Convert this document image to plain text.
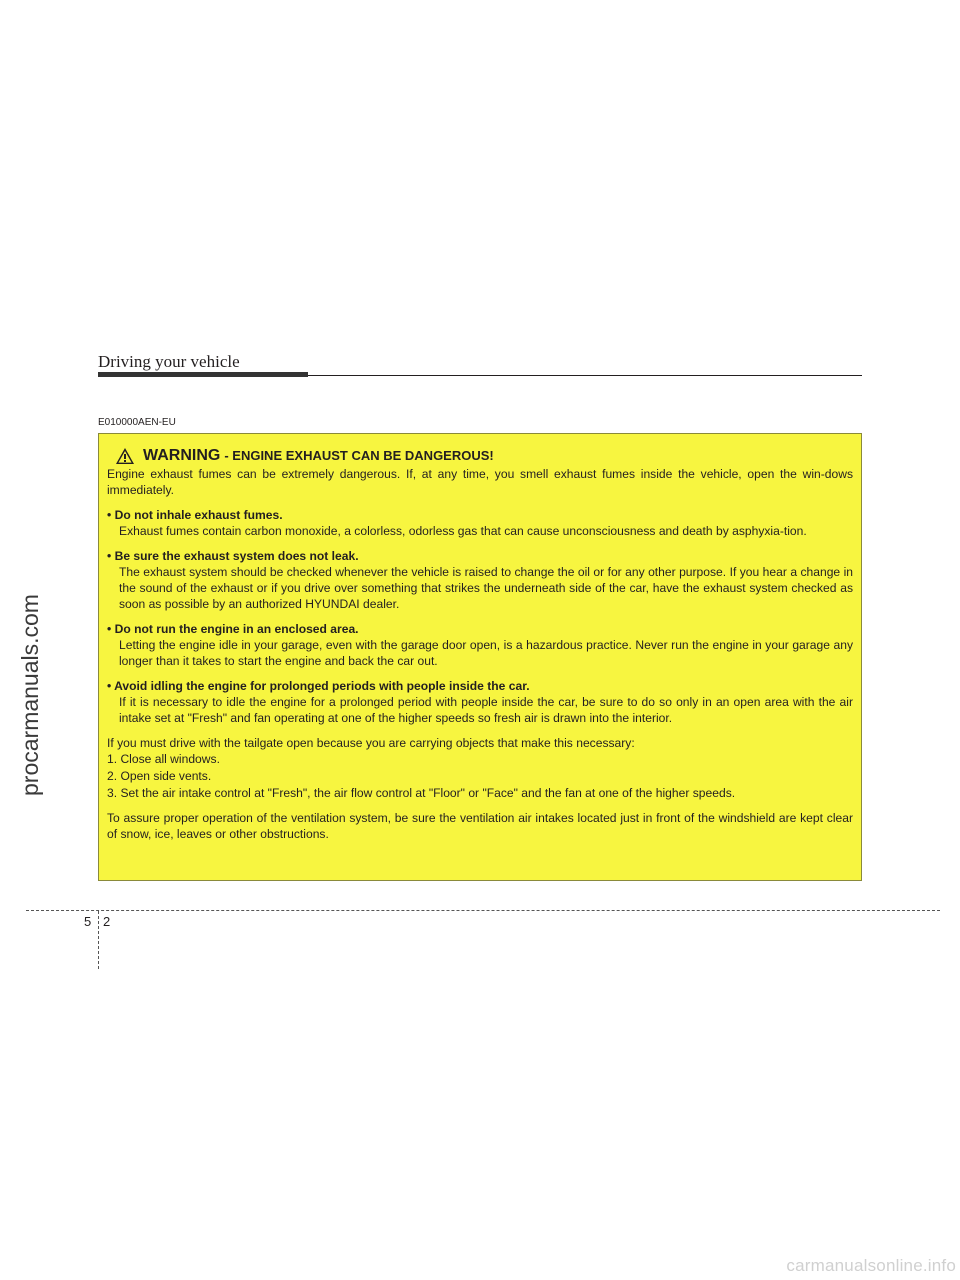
procarmanuals.com
Driving your vehicle
E010000AEN-EU
WARNING - ENGINE EXHAUST CAN BE DANGEROUS!

Engine exhaust fumes can be extremely dangerous. If, at any time, you smell exhaust fumes inside the vehicle, open the win-dows immediately.

• Do not inhale exhaust fumes.

Exhaust fumes contain carbon monoxide, a colorless, odorless gas that can cause unconsciousness and death by asphyxia-tion.

• Be sure the exhaust system does not leak.

The exhaust system should be checked whenever the vehicle is raised to change the oil or for any other purpose. If you hear a change in the sound of the exhaust or if you drive over something that strikes the underneath side of the car, have the exhaust system checked as soon as possible by an authorized HYUNDAI dealer.

• Do not run the engine in an enclosed area.

Letting the engine idle in your garage, even with the garage door open, is a hazardous practice. Never run the engine in your garage any longer than it takes to start the engine and back the car out.

• Avoid idling the engine for prolonged periods with people inside the car.

If it is necessary to idle the engine for a prolonged period with people inside the car, be sure to do so only in an open area with the air intake set at "Fresh" and fan operating at one of the higher speeds so fresh air is drawn into the interior.

If you must drive with the tailgate open because you are carrying objects that make this necessary:

1. Close all windows.

2. Open side vents.

3. Set the air intake control at "Fresh", the air flow control at "Floor" or "Face" and the fan at one of the higher speeds.

To assure proper operation of the ventilation system, be sure the ventilation air intakes located just in front of the windshield are kept clear of snow, ice, leaves or other obstructions.

5 2
carmanualsonline.info
